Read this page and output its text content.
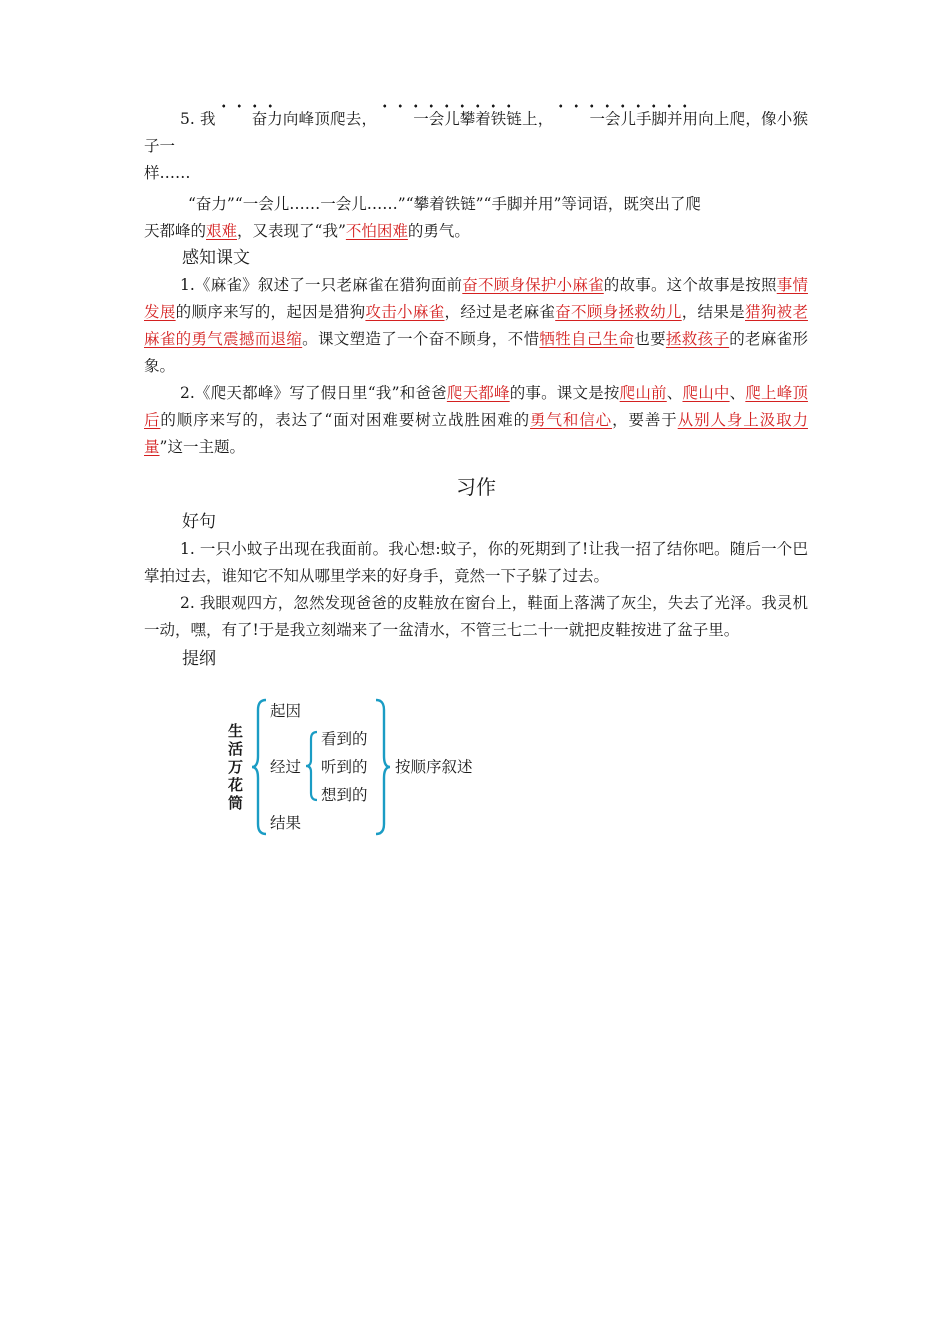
5. 我 奋力向峰顶爬去， 一会儿攀着铁链上， 一会儿手脚并用向上爬，像小猴子一
样……

“奋力”“一会儿……一会儿……”“攀着铁链”“手脚并用”等词语，既突出了爬
天都峰的艰难，又表现了“我”不怕困难的勇气。

感知课文

1.《麻雀》叙述了一只老麻雀在猎狗面前奋不顾身保护小麻雀的故事。这个故事是按照事情发展的顺序来写的，起因是猎狗攻击小麻雀，经过是老麻雀奋不顾身拯救幼儿，结果是猎狗被老麻雀的勇气震撼而退缩。课文塑造了一个奋不顾身，不惜牺牲自己生命也要拯救孩子的老麻雀形象。

2.《爬天都峰》写了假日里“我”和爸爸爬天都峰的事。课文是按爬山前、爬山中、爬上峰顶后的顺序来写的，表达了“面对困难要树立战胜困难的勇气和信心，要善于从别人身上汲取力量”这一主题。

习作
好句

1. 一只小蚊子出现在我面前。我心想:蚊子，你的死期到了!让我一招了结你吧。随后一个巴掌拍过去，谁知它不知从哪里学来的好身手，竟然一下子躲了过去。

2. 我眼观四方，忽然发现爸爸的皮鞋放在窗台上，鞋面上落满了灰尘，失去了光泽。我灵机一动，嘿，有了!于是我立刻端来了一盆清水，不管三七二十一就把皮鞋按进了盆子里。

提纲
生
活
万
花
筒
起因
经过
结果
看到的
听到的
想到的
按顺序叙述
